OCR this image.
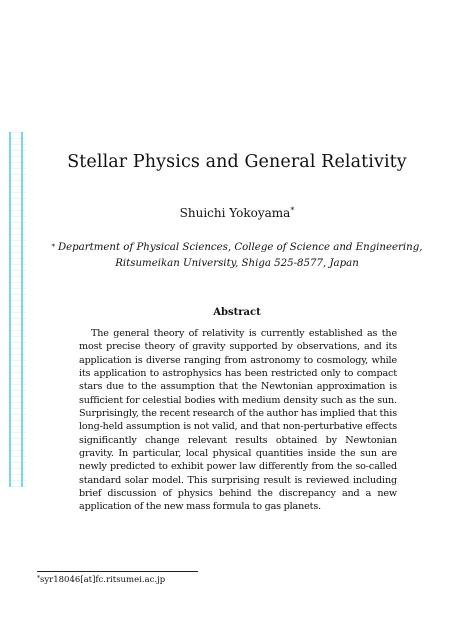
Stellar Physics and General Relativity
Shuichi Yokoyama*
* Department of Physical Sciences, College of Science and Engineering,
Ritsumeikan University, Shiga 525-8577, Japan
Abstract

The general theory of relativity is currently established as the most precise theory of gravity supported by observations, and its application is diverse ranging from astronomy to cosmology, while its application to astrophysics has been restricted only to compact stars due to the assumption that the Newtonian approximation is sufficient for celestial bodies with medium density such as the sun. Surprisingly, the recent research of the author has implied that this long-held assumption is not valid, and that non-perturbative effects significantly change relevant results obtained by Newtonian gravity. In particular, local physical quantities inside the sun are newly predicted to exhibit power law differently from the so-called standard solar model. This surprising result is reviewed including brief discussion of physics behind the discrepancy and a new application of the new mass formula to gas planets.

*syr18046[at]fc.ritsumei.ac.jp
